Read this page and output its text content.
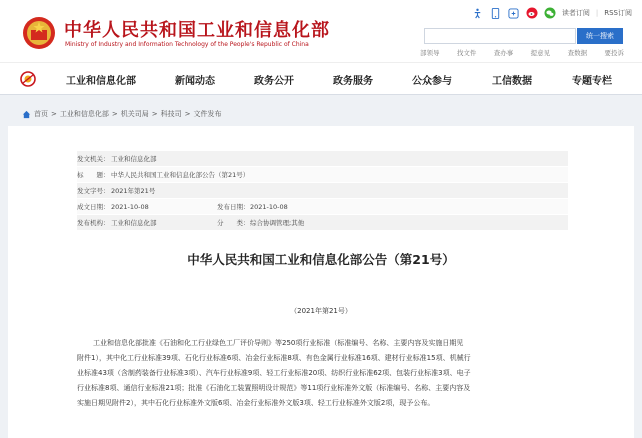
中华人民共和国工业和信息化部
Ministry of Industry and Information Technology of the People's Republic of China
读者订阅 | RSS订阅
统一搜索
部领导	找文件	查办事	提意见	查数据	要投诉
工业和信息化部	新闻动态	政务公开	政务服务	公众参与	工信数据	专题专栏
首页 > 工业和信息化部 > 机关司局 > 科技司 > 文件发布
发文机关： 工业和信息化部
标　　题： 中华人民共和国工业和信息化部公告（第21号）
发文字号： 2021年第21号
成文日期： 2021-10-08	发布日期： 2021-10-08
发布机构： 工业和信息化部	分　　类： 综合协调管理;其他
中华人民共和国工业和信息化部公告（第21号）
（2021年第21号）
工业和信息化部批准《石油和化工行业绿色工厂评价导则》等250项行业标准（标准编号、名称、主要内容及实施日期见
附件1），其中化工行业标准39项、石化行业标准6项、冶金行业标准8项、有色金属行业标准16项、建材行业标准15项、机械行
业标准43项（含制药装备行业标准3项）、汽车行业标准9项、轻工行业标准20项、纺织行业标准62项、包装行业标准3项、电子
行业标准8项、通信行业标准21项；批准《石油化工装置照明设计规范》等11项行业标准外文版（标准编号、名称、主要内容及
实施日期见附件2），其中石化行业标准外文版6项、冶金行业标准外文版3项、轻工行业标准外文版2项，现予公布。
